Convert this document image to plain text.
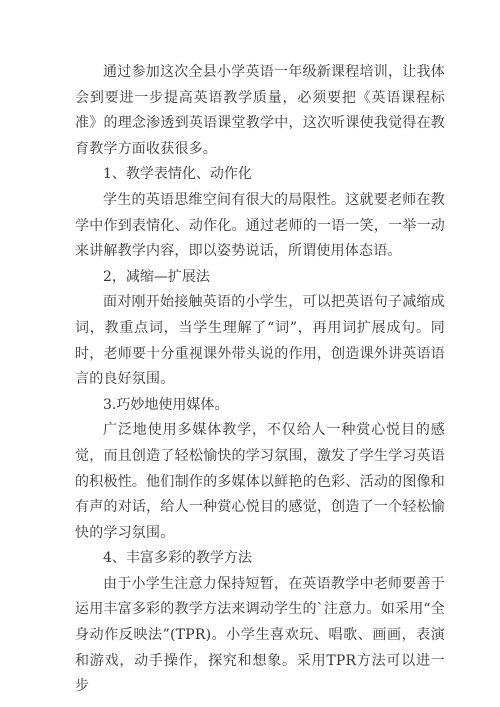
通过参加这次全县小学英语一年级新课程培训，让我体会到要进一步提高英语教学质量，必须要把《英语课程标准》的理念渗透到英语课堂教学中，这次听课使我觉得在教育教学方面收获很多。

1、教学表情化、动作化

学生的英语思维空间有很大的局限性。这就要老师在教学中作到表情化、动作化。通过老师的一语一笑，一举一动来讲解教学内容，即以姿势说话，所谓使用体态语。

2，减缩—扩展法

面对刚开始接触英语的小学生，可以把英语句子减缩成词，教重点词，当学生理解了“词”，再用词扩展成句。同时，老师要十分重视课外带头说的作用，创造课外讲英语语言的良好氛围。

3.巧妙地使用媒体。

广泛地使用多媒体教学，不仅给人一种赏心悦目的感觉，而且创造了轻松愉快的学习氛围，激发了学生学习英语的积极性。他们制作的多媒体以鲜艳的色彩、活动的图像和有声的对话，给人一种赏心悦目的感觉，创造了一个轻松愉快的学习氛围。

4、丰富多彩的教学方法

由于小学生注意力保持短暂，在英语教学中老师要善于运用丰富多彩的教学方法来调动学生的`注意力。如采用“全身动作反映法”(TPR)。小学生喜欢玩、唱歌、画画，表演和游戏，动手操作，探究和想象。采用TPR方法可以进一步
